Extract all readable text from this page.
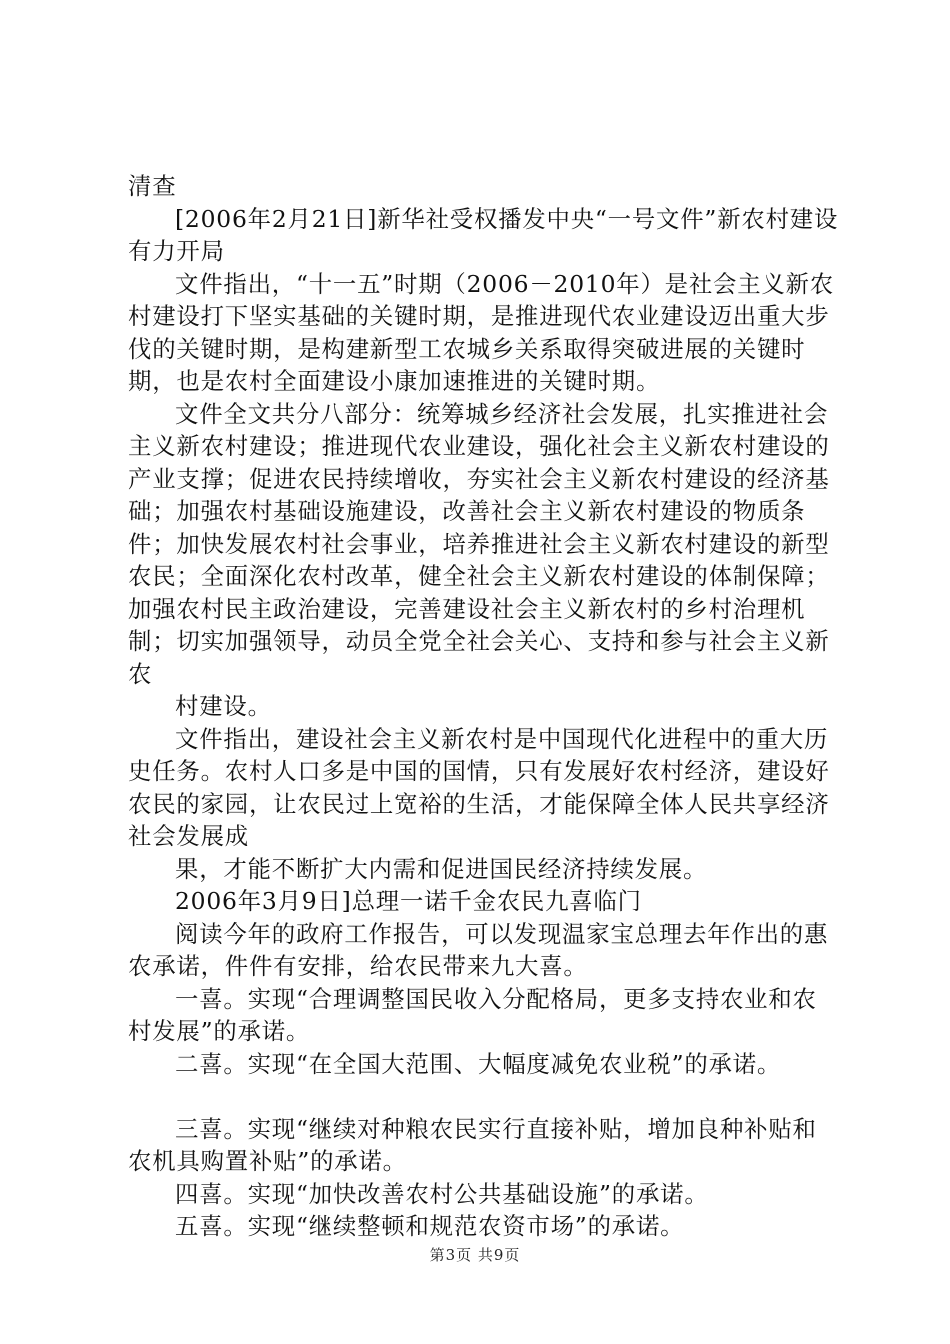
清查

[2006年2月21日]新华社受权播发中央“一号文件”新农村建设有力开局

文件指出，“十一五”时期（2006－2010年）是社会主义新农村建设打下坚实基础的关键时期，是推进现代农业建设迈出重大步伐的关键时期，是构建新型工农城乡关系取得突破进展的关键时期，也是农村全面建设小康加速推进的关键时期。

文件全文共分八部分：统筹城乡经济社会发展，扎实推进社会主义新农村建设；推进现代农业建设，强化社会主义新农村建设的产业支撑；促进农民持续增收，夯实社会主义新农村建设的经济基础；加强农村基础设施建设，改善社会主义新农村建设的物质条件；加快发展农村社会事业，培养推进社会主义新农村建设的新型农民；全面深化农村改革，健全社会主义新农村建设的体制保障；加强农村民主政治建设，完善建设社会主义新农村的乡村治理机制；切实加强领导，动员全党全社会关心、支持和参与社会主义新农

村建设。

文件指出，建设社会主义新农村是中国现代化进程中的重大历史任务。农村人口多是中国的国情，只有发展好农村经济，建设好农民的家园，让农民过上宽裕的生活，才能保障全体人民共享经济社会发展成

果，才能不断扩大内需和促进国民经济持续发展。

2006年3月9日]总理一诺千金农民九喜临门

阅读今年的政府工作报告，可以发现温家宝总理去年作出的惠农承诺，件件有安排，给农民带来九大喜。

一喜。实现“合理调整国民收入分配格局，更多支持农业和农村发展”的承诺。

二喜。实现“在全国大范围、大幅度减免农业税”的承诺。

三喜。实现“继续对种粮农民实行直接补贴，增加良种补贴和农机具购置补贴”的承诺。

四喜。实现“加快改善农村公共基础设施”的承诺。

五喜。实现“继续整顿和规范农资市场”的承诺。

第3页 共9页
